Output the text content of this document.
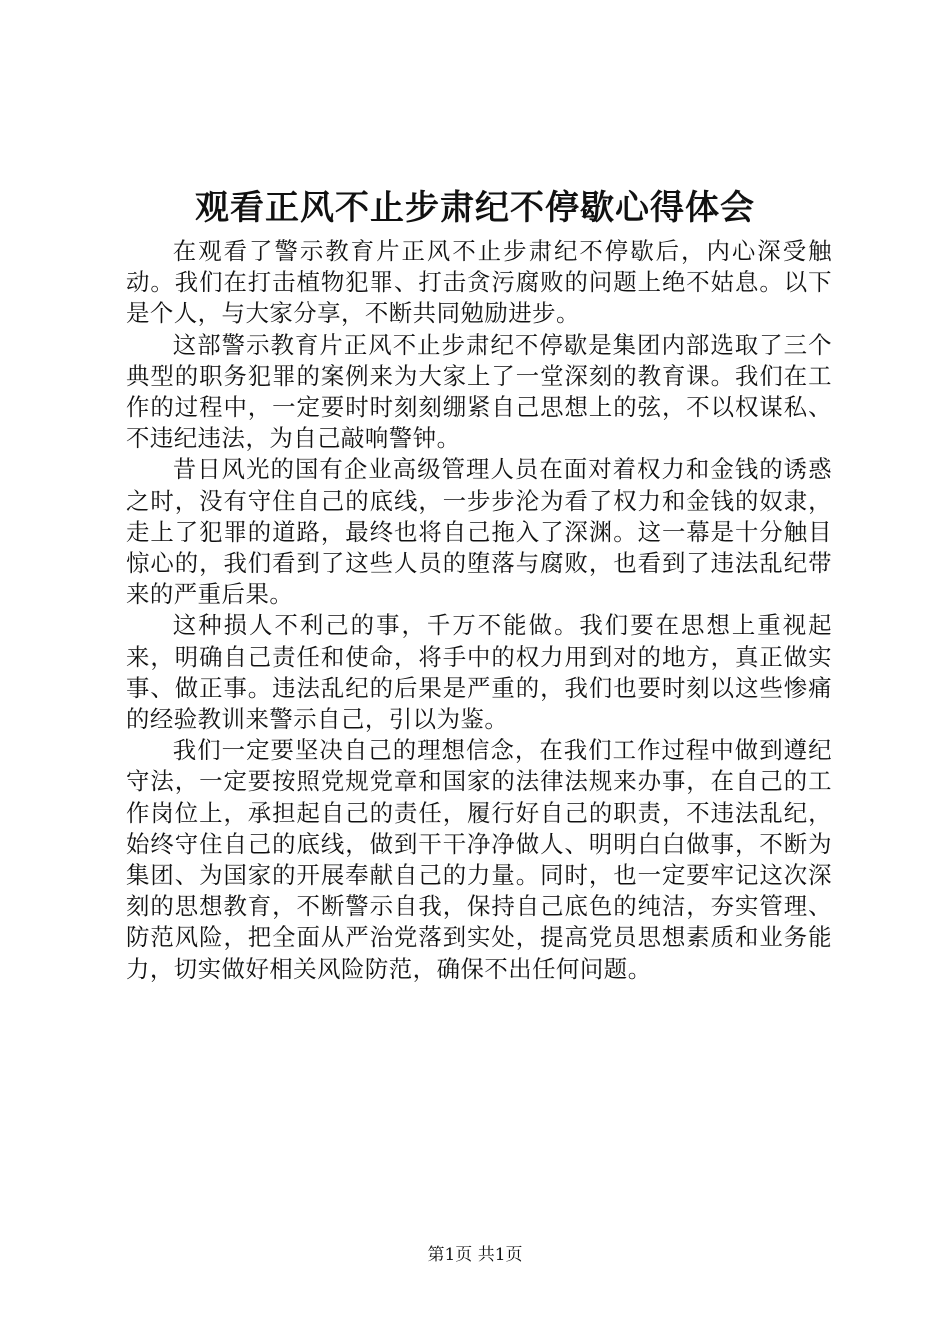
观看正风不止步肃纪不停歇心得体会

在观看了警示教育片正风不止步肃纪不停歇后，内心深受触动。我们在打击植物犯罪、打击贪污腐败的问题上绝不姑息。以下是个人，与大家分享，不断共同勉励进步。

这部警示教育片正风不止步肃纪不停歇是集团内部选取了三个典型的职务犯罪的案例来为大家上了一堂深刻的教育课。我们在工作的过程中，一定要时时刻刻绷紧自己思想上的弦，不以权谋私、不违纪违法，为自己敲响警钟。

昔日风光的国有企业高级管理人员在面对着权力和金钱的诱惑之时，没有守住自己的底线，一步步沦为看了权力和金钱的奴隶，走上了犯罪的道路，最终也将自己拖入了深渊。这一幕是十分触目惊心的，我们看到了这些人员的堕落与腐败，也看到了违法乱纪带来的严重后果。

这种损人不利己的事，千万不能做。我们要在思想上重视起来，明确自己责任和使命，将手中的权力用到对的地方，真正做实事、做正事。违法乱纪的后果是严重的，我们也要时刻以这些惨痛的经验教训来警示自己，引以为鉴。

我们一定要坚决自己的理想信念，在我们工作过程中做到遵纪守法，一定要按照党规党章和国家的法律法规来办事，在自己的工作岗位上，承担起自己的责任，履行好自己的职责，不违法乱纪，始终守住自己的底线，做到干干净净做人、明明白白做事，不断为集团、为国家的开展奉献自己的力量。同时，也一定要牢记这次深刻的思想教育，不断警示自我，保持自己底色的纯洁，夯实管理、防范风险，把全面从严治党落到实处，提高党员思想素质和业务能力，切实做好相关风险防范，确保不出任何问题。

第1页 共1页
